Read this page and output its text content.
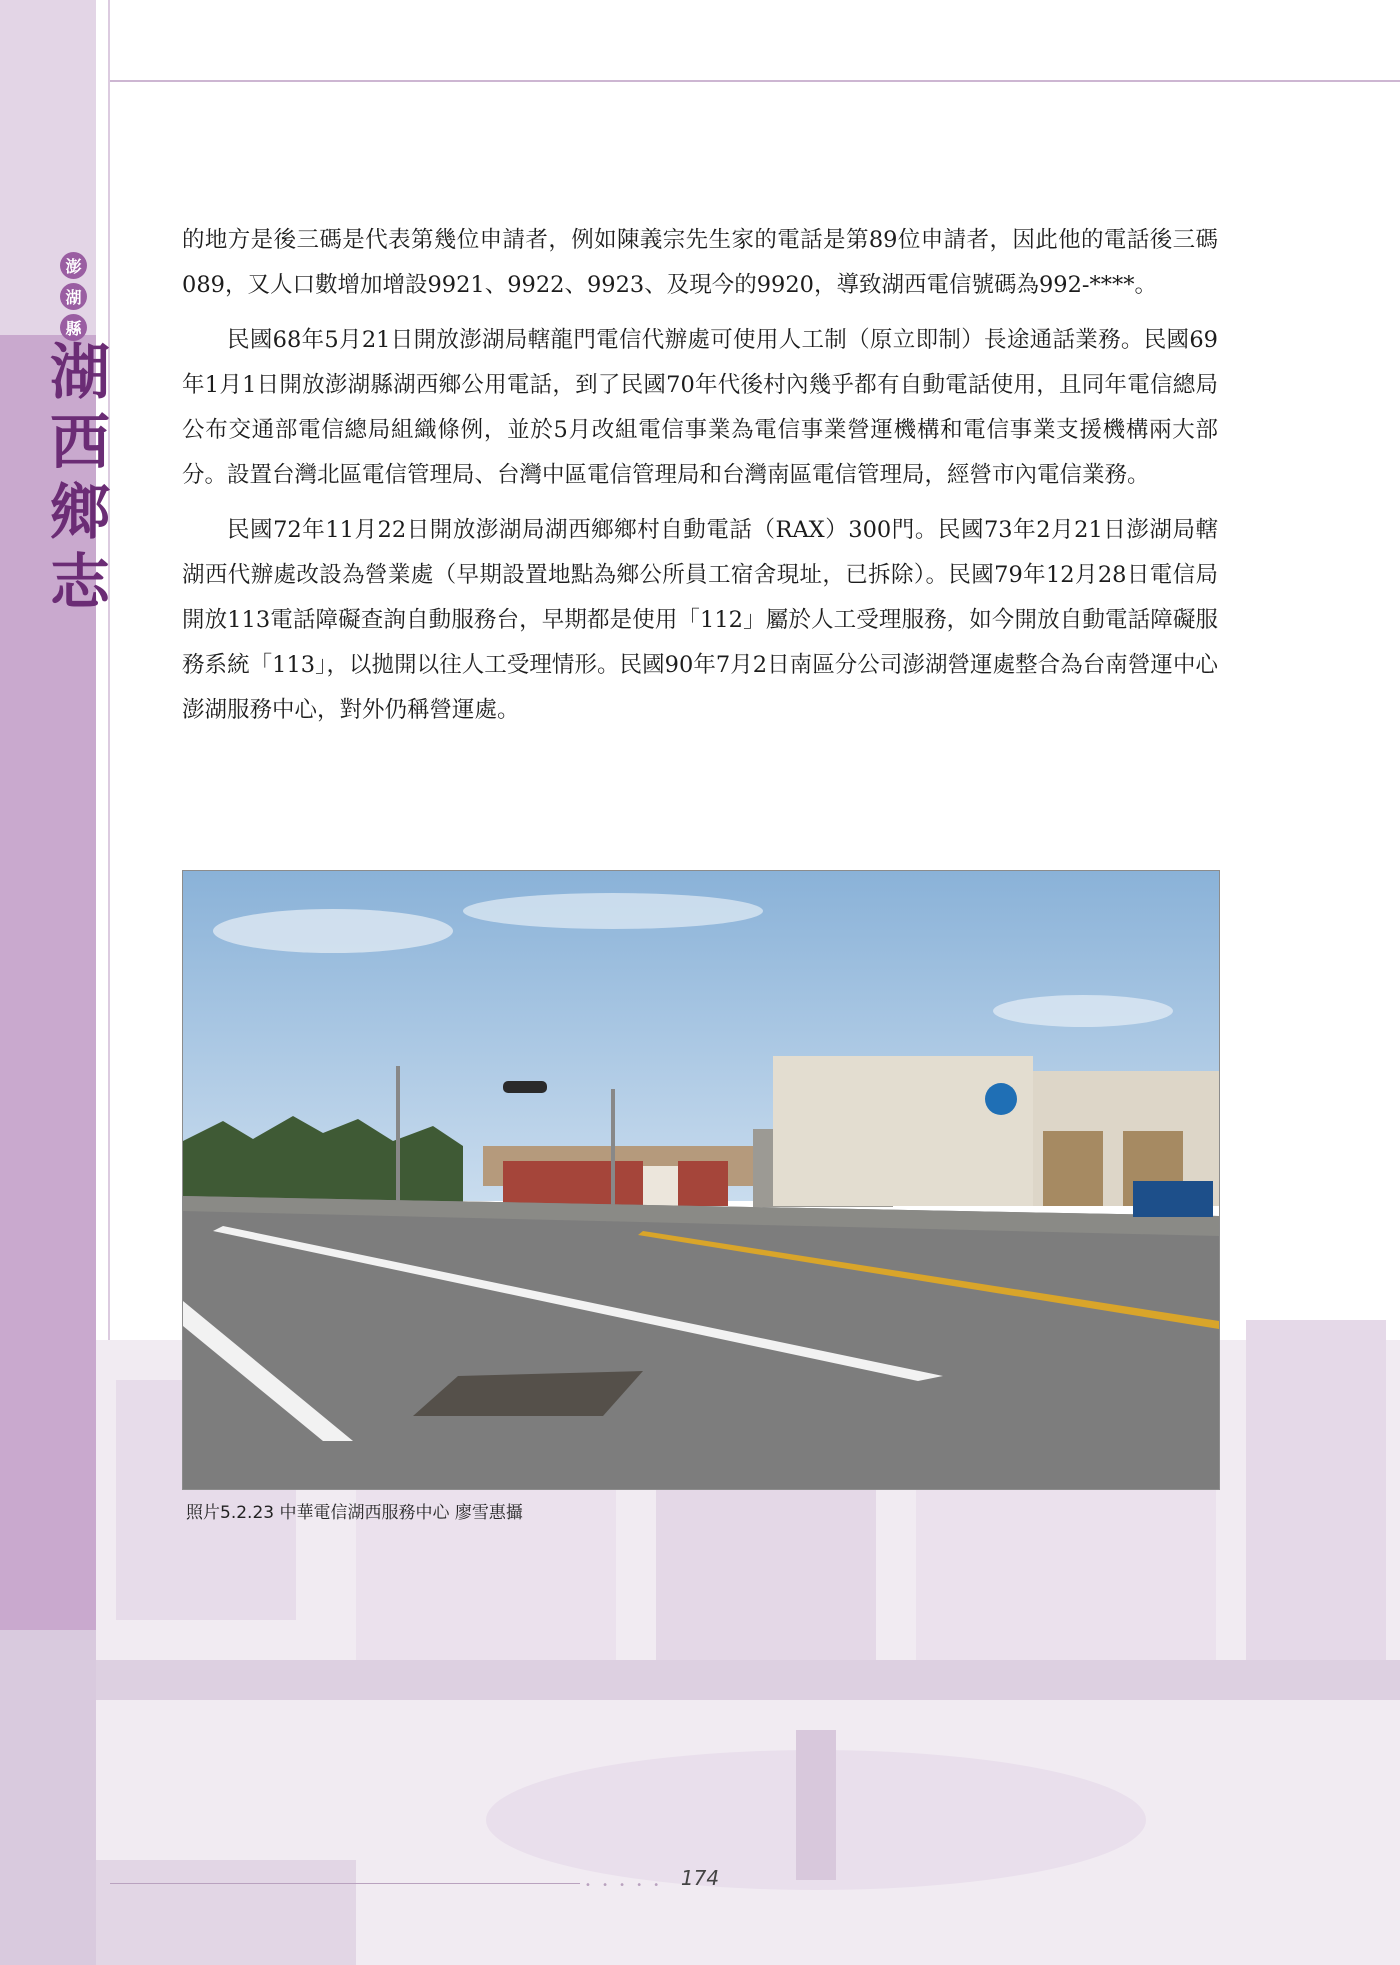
澎
湖
縣
湖
西
鄉
志

的地方是後三碼是代表第幾位申請者，例如陳義宗先生家的電話是第89位申請者，因此他的電話後三碼089，又人口數增加增設9921、9922、9923、及現今的9920，導致湖西電信號碼為992-****。

民國68年5月21日開放澎湖局轄龍門電信代辦處可使用人工制（原立即制）長途通話業務。民國69年1月1日開放澎湖縣湖西鄉公用電話，到了民國70年代後村內幾乎都有自動電話使用，且同年電信總局公布交通部電信總局組織條例，並於5月改組電信事業為電信事業營運機構和電信事業支援機構兩大部分。設置台灣北區電信管理局、台灣中區電信管理局和台灣南區電信管理局，經營市內電信業務。

民國72年11月22日開放澎湖局湖西鄉鄉村自動電話（RAX）300門。民國73年2月21日澎湖局轄湖西代辦處改設為營業處（早期設置地點為鄉公所員工宿舍現址，已拆除）。民國79年12月28日電信局開放113電話障礙查詢自動服務台，早期都是使用「112」屬於人工受理服務，如今開放自動電話障礙服務系統「113」，以拋開以往人工受理情形。民國90年7月2日南區分公司澎湖營運處整合為台南營運中心澎湖服務中心，對外仍稱營運處。

照片5.2.23 中華電信湖西服務中心 廖雪惠攝
• • • • • 174
